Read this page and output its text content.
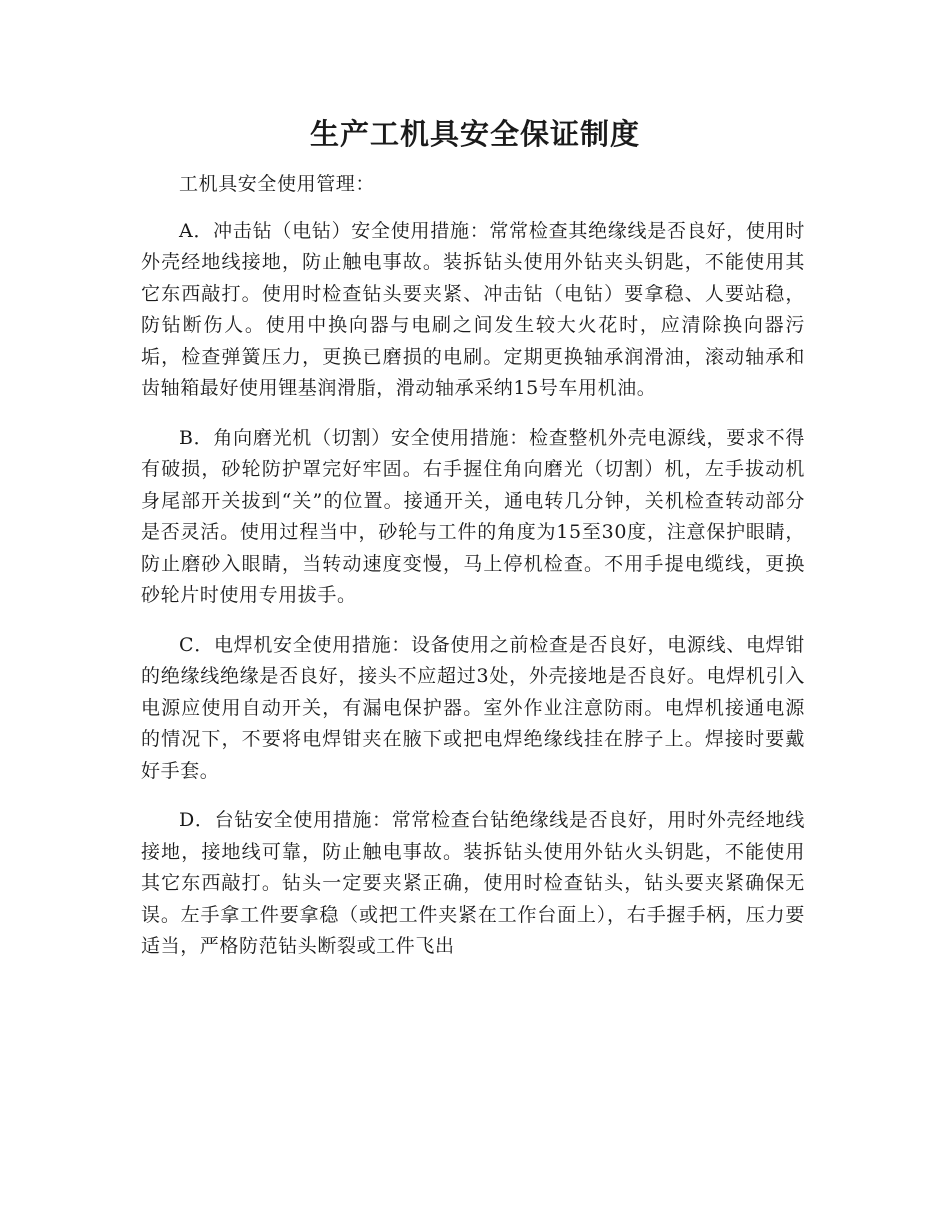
生产工机具安全保证制度

工机具安全使用管理：

A．冲击钻（电钻）安全使用措施：常常检查其绝缘线是否良好，使用时外壳经地线接地，防止触电事故。装拆钻头使用外钻夹头钥匙，不能使用其它东西敲打。使用时检查钻头要夹紧、冲击钻（电钻）要拿稳、人要站稳，防钻断伤人。使用中换向器与电刷之间发生较大火花时，应清除换向器污垢，检查弹簧压力，更换已磨损的电刷。定期更换轴承润滑油，滚动轴承和齿轴箱最好使用锂基润滑脂，滑动轴承采纳15号车用机油。

B．角向磨光机（切割）安全使用措施：检查整机外壳电源线，要求不得有破损，砂轮防护罩完好牢固。右手握住角向磨光（切割）机，左手拔动机身尾部开关拔到“关”的位置。接通开关，通电转几分钟，关机检查转动部分是否灵活。使用过程当中，砂轮与工件的角度为15至30度，注意保护眼睛，防止磨砂入眼睛，当转动速度变慢，马上停机检查。不用手提电缆线，更换砂轮片时使用专用拔手。

C．电焊机安全使用措施：设备使用之前检查是否良好，电源线、电焊钳的绝缘线绝缘是否良好，接头不应超过3处，外壳接地是否良好。电焊机引入电源应使用自动开关，有漏电保护器。室外作业注意防雨。电焊机接通电源的情况下，不要将电焊钳夹在腋下或把电焊绝缘线挂在脖子上。焊接时要戴好手套。

D．台钻安全使用措施：常常检查台钻绝缘线是否良好，用时外壳经地线接地，接地线可靠，防止触电事故。装拆钻头使用外钻火头钥匙，不能使用其它东西敲打。钻头一定要夹紧正确，使用时检查钻头，钻头要夹紧确保无误。左手拿工件要拿稳（或把工件夹紧在工作台面上），右手握手柄，压力要适当，严格防范钻头断裂或工件飞出
